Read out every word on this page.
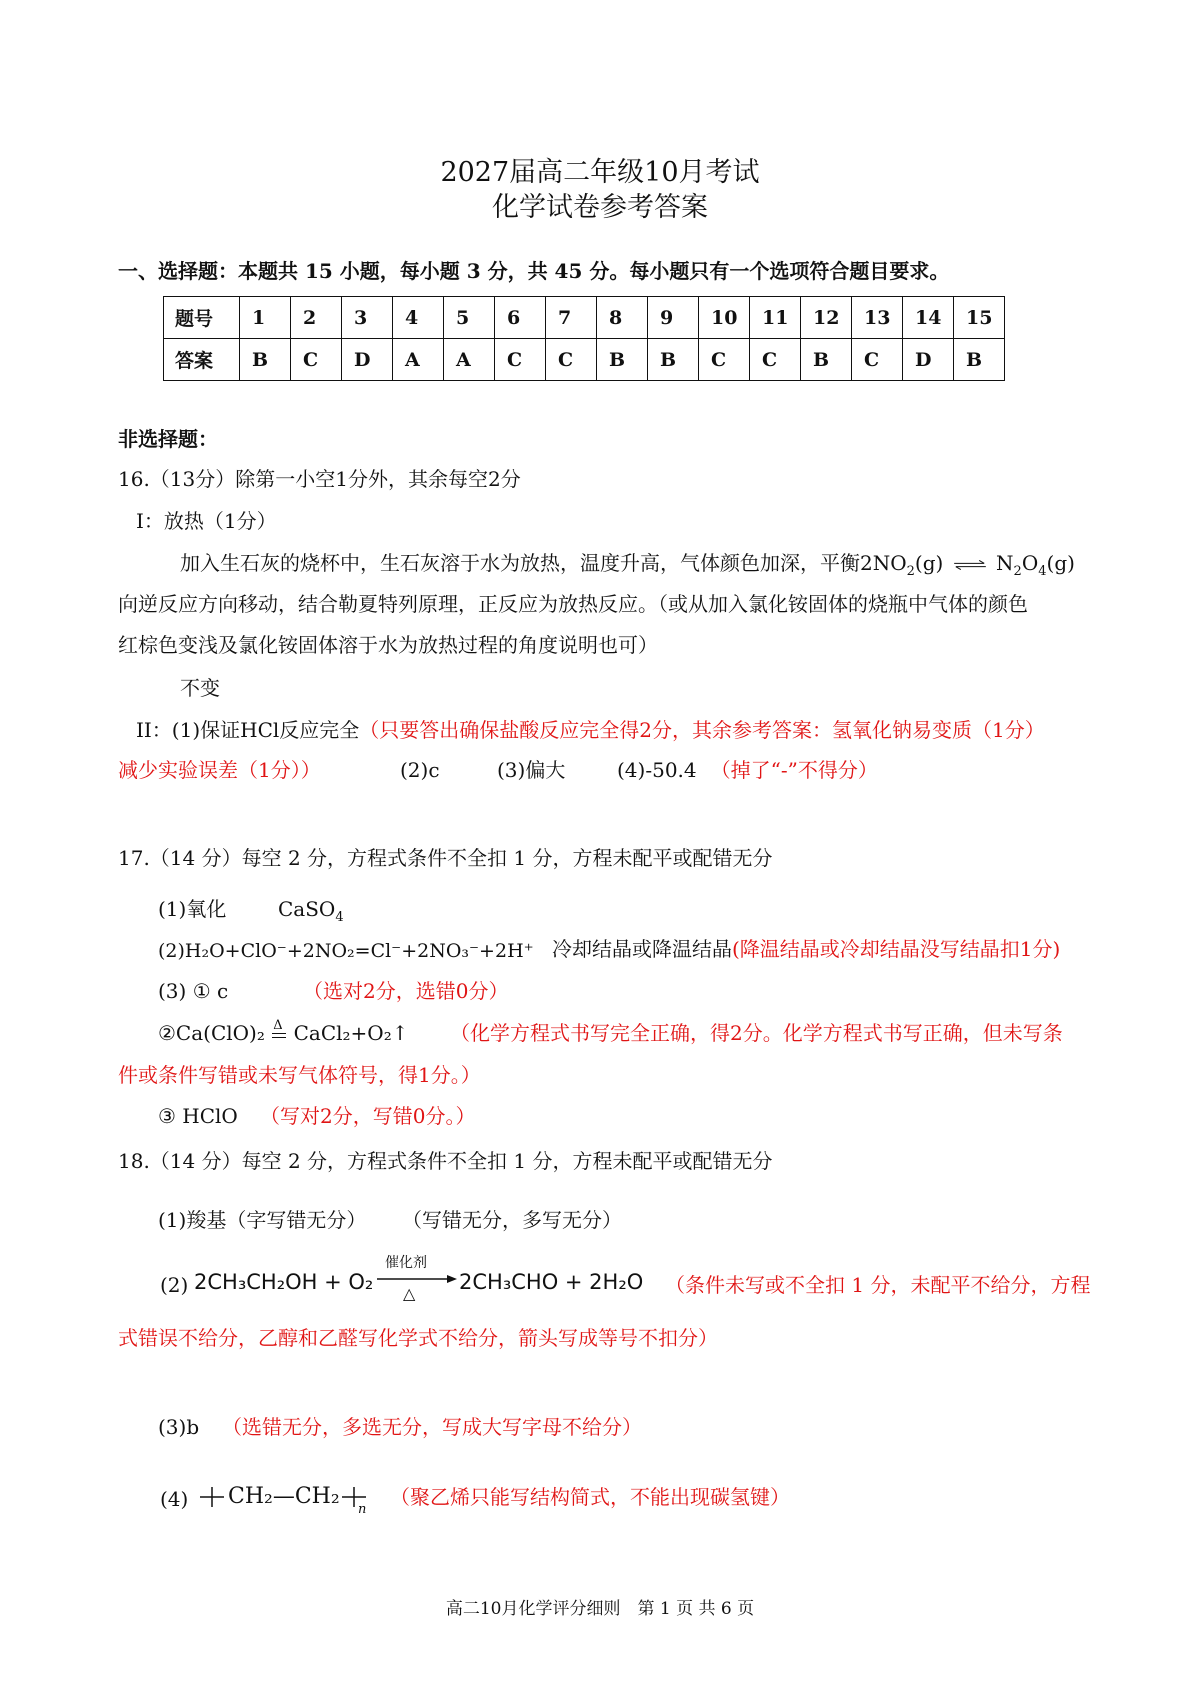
2027届高二年级10月考试
化学试卷参考答案
一、选择题：本题共 15 小题，每小题 3 分，共 45 分。每小题只有一个选项符合题目要求。
题号	1	2	3	4	5	6	7	8	9	10	11	12	13	14	15
答案	B	C	D	A	A	C	C	B	B	C	C	B	C	D	B
非选择题：
16.（13分）除第一小空1分外，其余每空2分
I：放热（1分）
加入生石灰的烧杯中，生石灰溶于水为放热，温度升高，气体颜色加深，平衡$2NO_2(g)$ ⇌ $N_2O_4(g)$
向逆反应方向移动，结合勒夏特列原理，正反应为放热反应。（或从加入氯化铵固体的烧瓶中气体的颜色
红棕色变浅及氯化铵固体溶于水为放热过程的角度说明也可）
不变
II：(1)保证HCl反应完全（只要答出确保盐酸反应完全得2分，其余参考答案：氢氧化钠易变质（1分）
减少实验误差（1分））	(2)c	(3)偏大	(4)-50.4 （掉了“-”不得分）
17.（14 分）每空 2 分，方程式条件不全扣 1 分，方程未配平或配错无分
(1)氧化	CaSO$_4$
(2)H₂O+ClO⁻+2NO₂=Cl⁻+2NO₃⁻+2H⁺ 冷却结晶或降温结晶(降温结晶或冷却结晶没写结晶扣1分)
(3) ① c	（选对2分，选错0分）
②Ca(ClO)₂ Δ CaCl₂+O₂↑ （化学方程式书写完全正确，得2分。化学方程式书写正确，但未写条
件或条件写错或未写气体符号，得1分。）
③ HClO （写对2分，写错0分。）
18.（14 分）每空 2 分，方程式条件不全扣 1 分，方程未配平或配错无分
(1)羧基（字写错无分） （写错无分，多写无分）
(2) 2CH₃CH₂OH + O₂
催化剂
△ 2CH₃CHO + 2H₂O （条件未写或不全扣 1 分，未配平不给分，方程
式错误不给分，乙醇和乙醛写化学式不给分，箭头写成等号不扣分）
(3)b （选错无分，多选无分，写成大写字母不给分）
(4) CH₂—CH₂
n
（聚乙烯只能写结构简式，不能出现碳氢键）
高二10月化学评分细则　第 1 页 共 6 页
